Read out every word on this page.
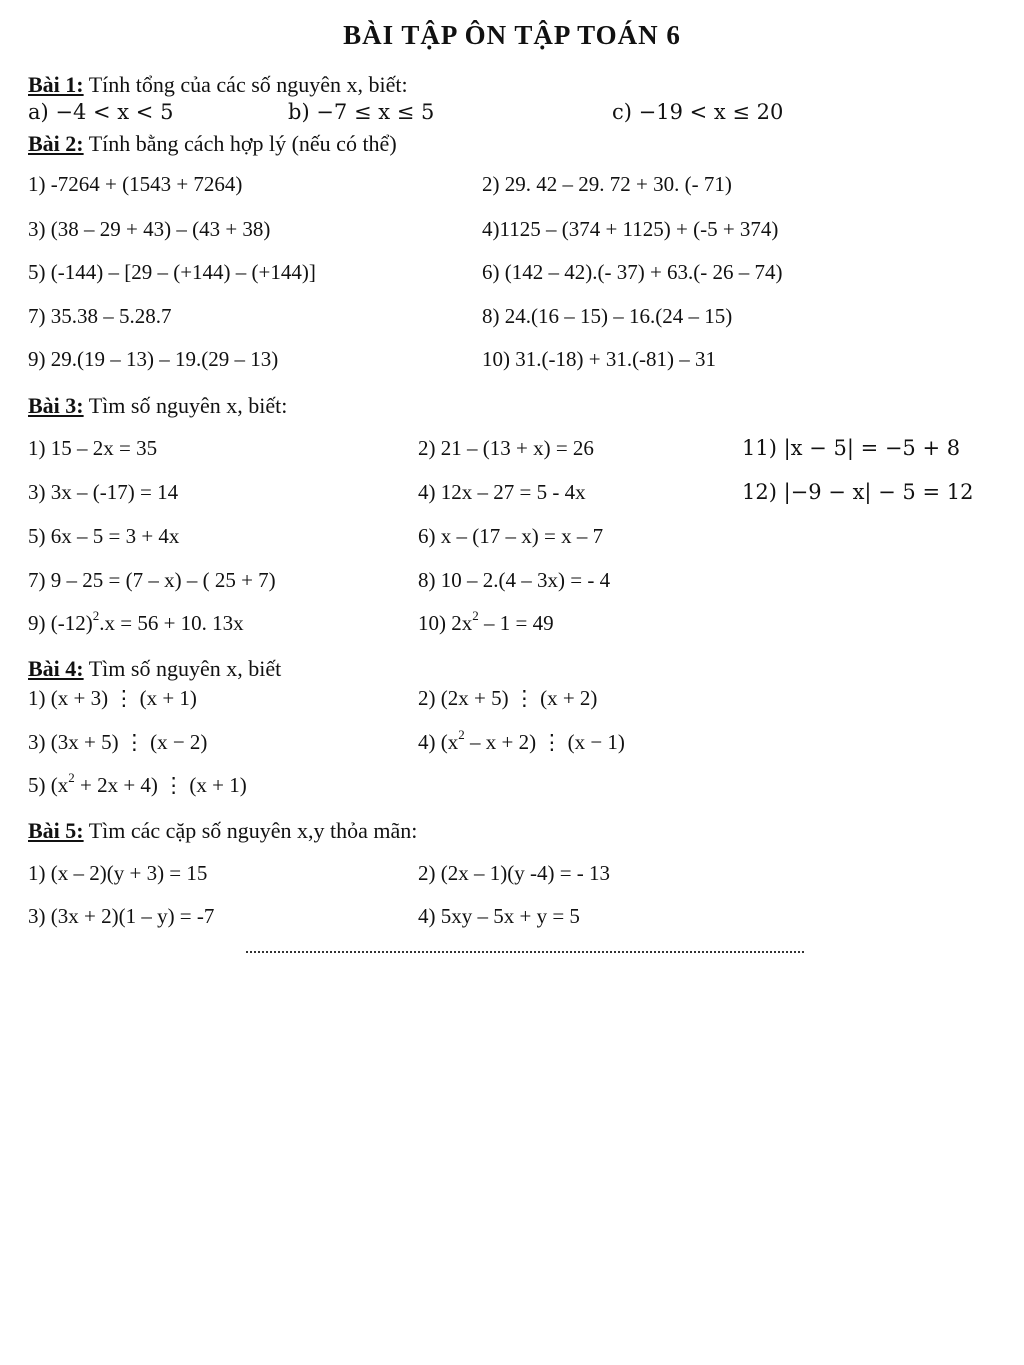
BÀI TẬP ÔN TẬP TOÁN 6
Bài 1: Tính tổng của các số nguyên x, biết:
a) −4 < x < 5	b) −7 ≤ x ≤ 5	c) −19 < x ≤ 20
Bài 2: Tính bằng cách hợp lý (nếu có thể)
1) -7264 + (1543 + 7264)	2) 29. 42 – 29. 72 + 30. (- 71)
3) (38 – 29 + 43) – (43 + 38)	4)1125 – (374 + 1125) + (-5 + 374)
5) (-144) – [29 – (+144) – (+144)]	6) (142 – 42).(- 37) + 63.(- 26 – 74)
7) 35.38 – 5.28.7	8) 24.(16 – 15) – 16.(24 – 15)
9) 29.(19 – 13) – 19.(29 – 13)	10) 31.(-18) + 31.(-81) – 31
Bài 3: Tìm số nguyên x, biết:
1) 15 – 2x = 35	2) 21 – (13 + x) = 26	11) |x − 5| = −5 + 8
3) 3x – (-17) = 14	4) 12x – 27 = 5 - 4x	12) |−9 − x| − 5 = 12
5) 6x – 5 = 3 + 4x	6) x – (17 – x) = x – 7
7) 9 – 25 = (7 – x) – ( 25 + 7)	8) 10 – 2.(4 – 3x) = - 4
9) $(-12)^2.x = 56 + 10$. 13x	10) $2x^2 - 1 = 49$
Bài 4: Tìm số nguyên x, biết
1) (x + 3) ⋮ (x + 1)	2) (2x + 5) ⋮ (x + 2)
3) (3x + 5) ⋮ (x − 2)	4) $(x^2 - x + 2)$ ⋮ (x − 1)
5) $(x^2 + 2x + 4)$ ⋮ (x + 1)
Bài 5: Tìm các cặp số nguyên x,y thỏa mãn:
1) (x – 2)(y + 3) = 15	2) (2x – 1)(y -4) = - 13
3) (3x + 2)(1 – y) = -7	4) 5xy – 5x + y = 5
